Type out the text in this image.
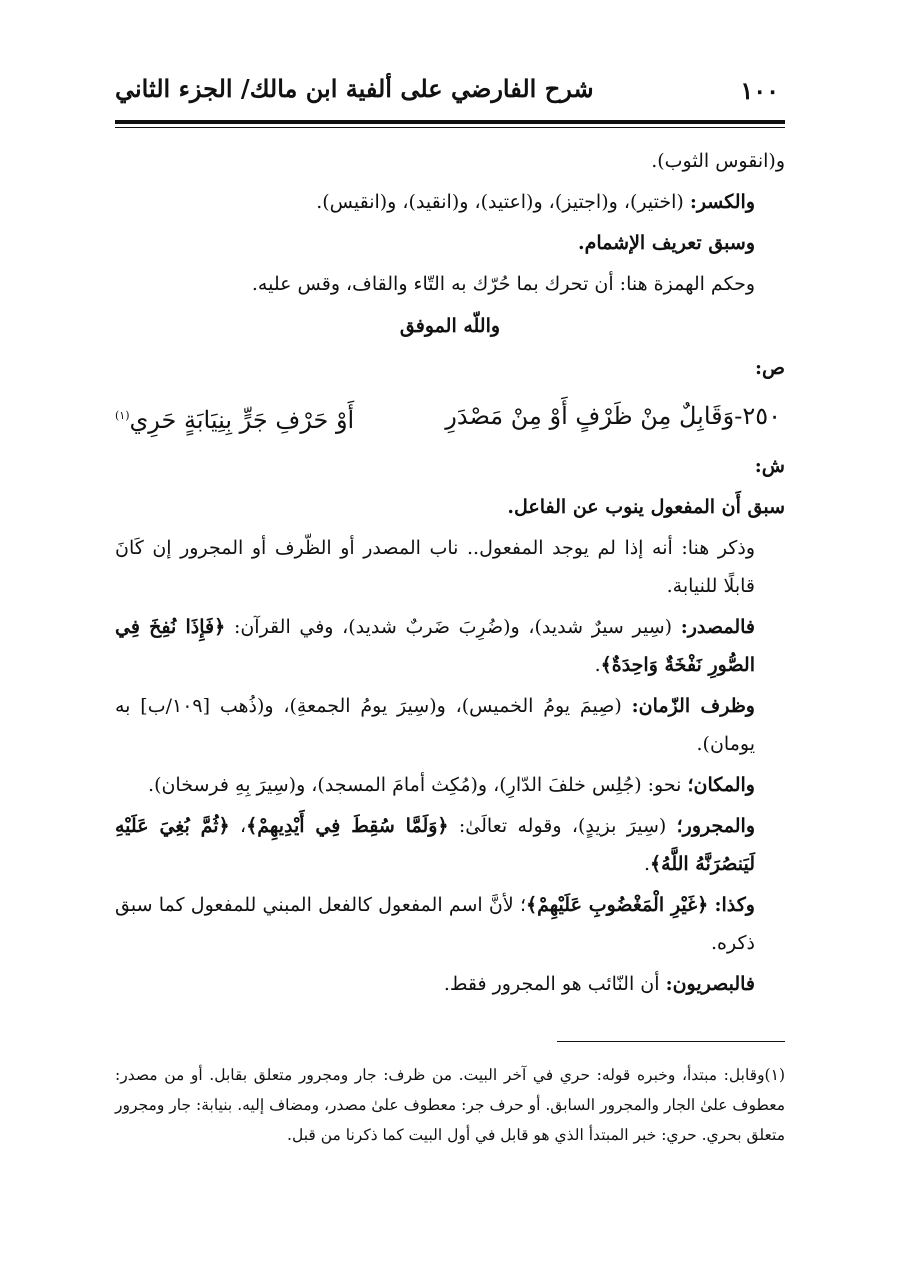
١٠٠
شرح الفارضي على ألفية ابن مالك/ الجزء الثاني

و(انقوس الثوب).

والكسر: (اختير)، و(اجتيز)، و(اعتيد)، و(انقيد)، و(انقيس).

وسبق تعريف الإشمام.

وحكم الهمزة هنا: أن تحرك بما حُرّك به التّاء والقاف، وقس عليه.

واللّه الموفق

ص:

٢٥٠-وَقَابِلٌ مِنْ ظَرْفٍ أَوْ مِنْ مَصْدَرِ
أَوْ حَرْفِ جَرٍّ بِنِيَابَةٍ حَرِي$^{(١)}$

ش:

سبق أَن المفعول ينوب عن الفاعل.

وذكر هنا: أنه إذا لم يوجد المفعول.. ناب المصدر أو الظّرف أو المجرور إن كَانَ قابلًا للنيابة.

فالمصدر: (سِير سيرٌ شديد)، و(ضُرِبَ ضَربٌ شديد)، وفي القرآن: ﴿فَإِذَا نُفِخَ فِي الصُّورِ نَفْخَةٌ وَاحِدَةٌ﴾.

وظرف الزّمان: (صِيمَ يومُ الخميس)، و(سِيرَ يومُ الجمعةِ)، و(ذُهب [١٠٩/ب] به يومان).

والمكان؛ نحو: (جُلِس خلفَ الدّارِ)، و(مُكِث أمامَ المسجد)، و(سِيرَ بِهِ فرسخان).

والمجرور؛ (سِيرَ بزيدٍ)، وقوله تعالَىٰ: ﴿وَلَمَّا سُقِطَ فِي أَيْدِيهِمْ﴾، ﴿ثُمَّ بُغِيَ عَلَيْهِ لَيَنصُرَنَّهُ اللَّهُ﴾.

وكذا: ﴿غَيْرِ الْمَغْضُوبِ عَلَيْهِمْ﴾؛ لأنَّ اسم المفعول كالفعل المبني للمفعول كما سبق ذكره.

فالبصريون: أن النّائب هو المجرور فقط.

(١)وقابل: مبتدأ، وخبره قوله: حري في آخر البيت. من ظرف: جار ومجرور متعلق بقابل. أو من مصدر: معطوف علىٰ الجار والمجرور السابق. أو حرف جر: معطوف علىٰ مصدر، ومضاف إليه. بنيابة: جار ومجرور متعلق بحري. حري: خبر المبتدأ الذي هو قابل في أول البيت كما ذكرنا من قبل.
